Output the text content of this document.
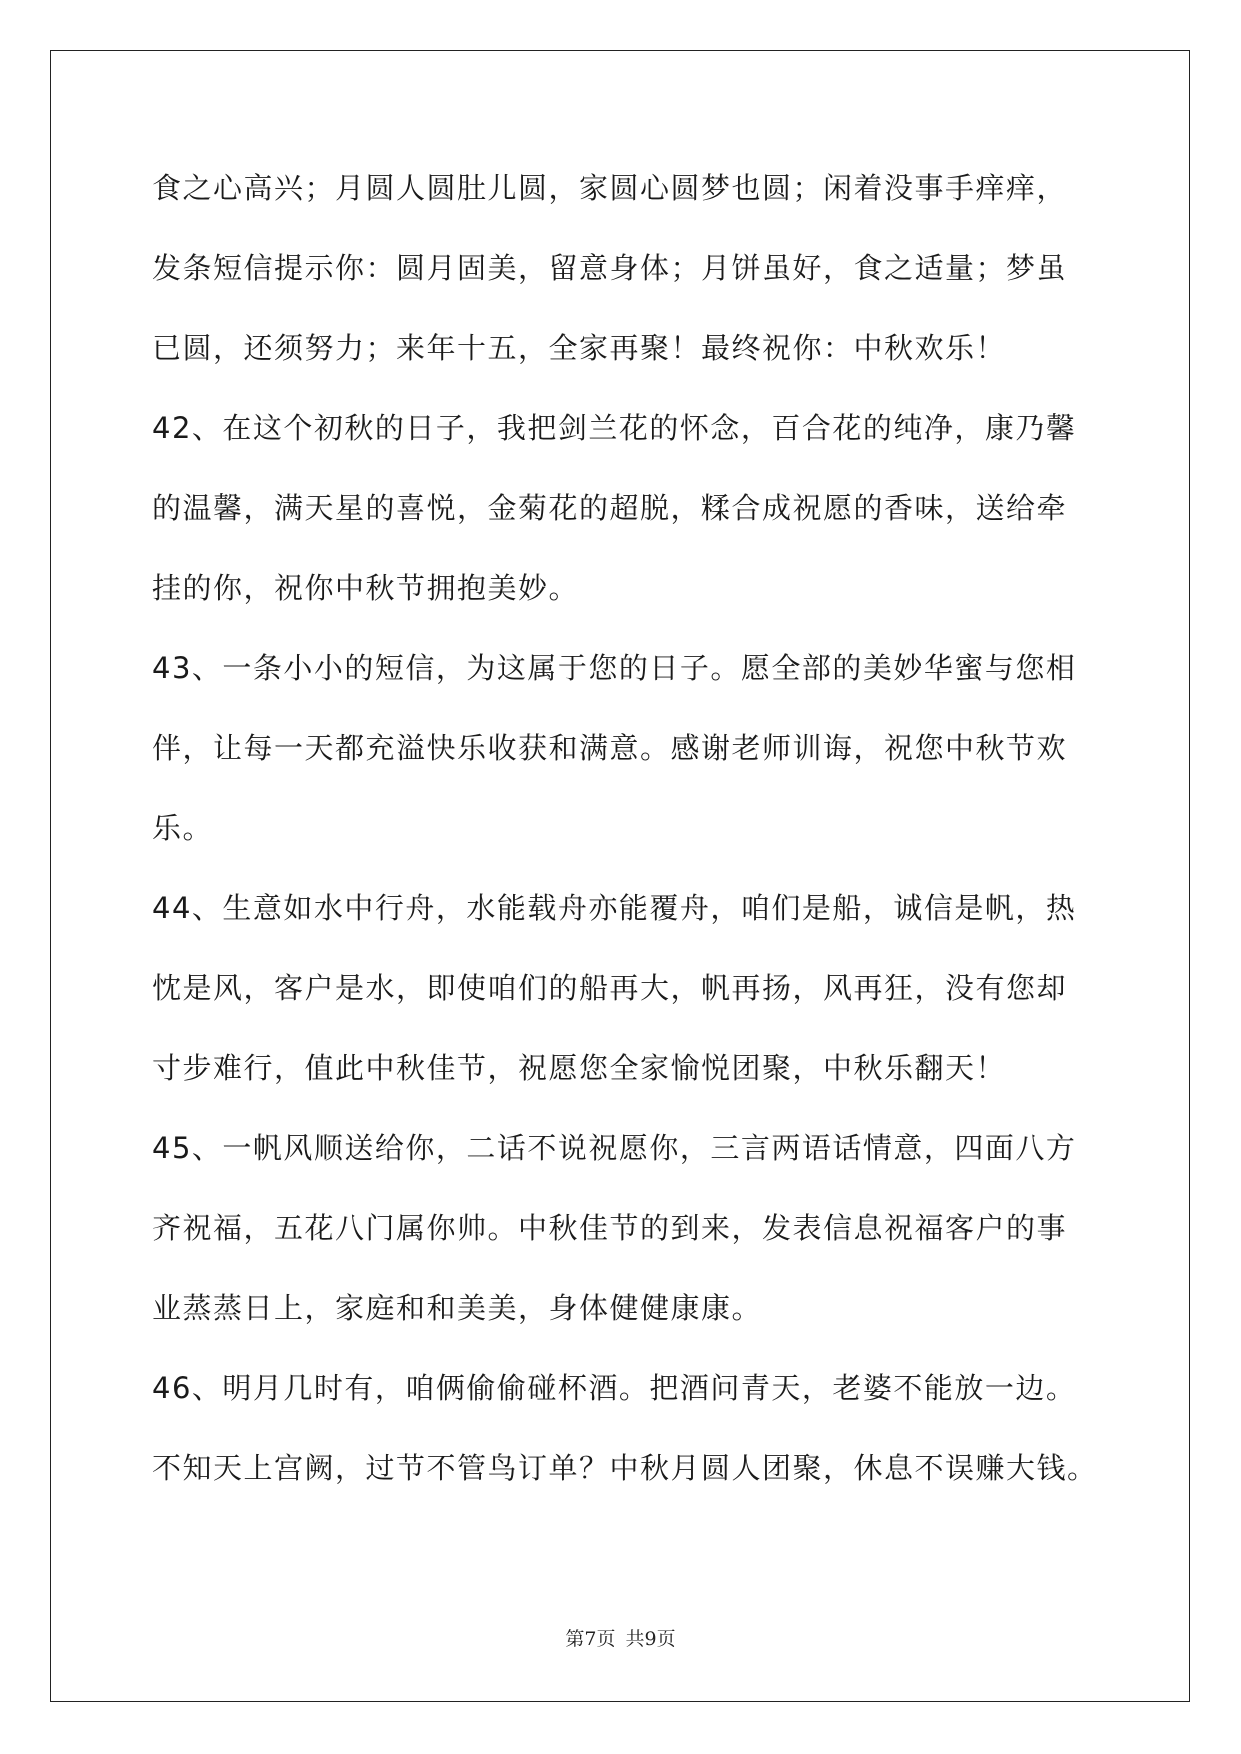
食之心高兴；月圆人圆肚儿圆，家圆心圆梦也圆；闲着没事手痒痒，
发条短信提示你：圆月固美，留意身体；月饼虽好，食之适量；梦虽
已圆，还须努力；来年十五，全家再聚！最终祝你：中秋欢乐！
42、在这个初秋的日子，我把剑兰花的怀念，百合花的纯净，康乃馨
的温馨，满天星的喜悦，金菊花的超脱，糅合成祝愿的香味，送给牵
挂的你，祝你中秋节拥抱美妙。
43、一条小小的短信，为这属于您的日子。愿全部的美妙华蜜与您相
伴，让每一天都充溢快乐收获和满意。感谢老师训诲，祝您中秋节欢
乐。
44、生意如水中行舟，水能载舟亦能覆舟，咱们是船，诚信是帆，热
忱是风，客户是水，即使咱们的船再大，帆再扬，风再狂，没有您却
寸步难行，值此中秋佳节，祝愿您全家愉悦团聚，中秋乐翻天！
45、一帆风顺送给你，二话不说祝愿你，三言两语话情意，四面八方
齐祝福，五花八门属你帅。中秋佳节的到来，发表信息祝福客户的事
业蒸蒸日上，家庭和和美美，身体健健康康。
46、明月几时有，咱俩偷偷碰杯酒。把酒问青天，老婆不能放一边。
不知天上宫阙，过节不管鸟订单？中秋月圆人团聚，休息不误赚大钱。
第7页 共9页
